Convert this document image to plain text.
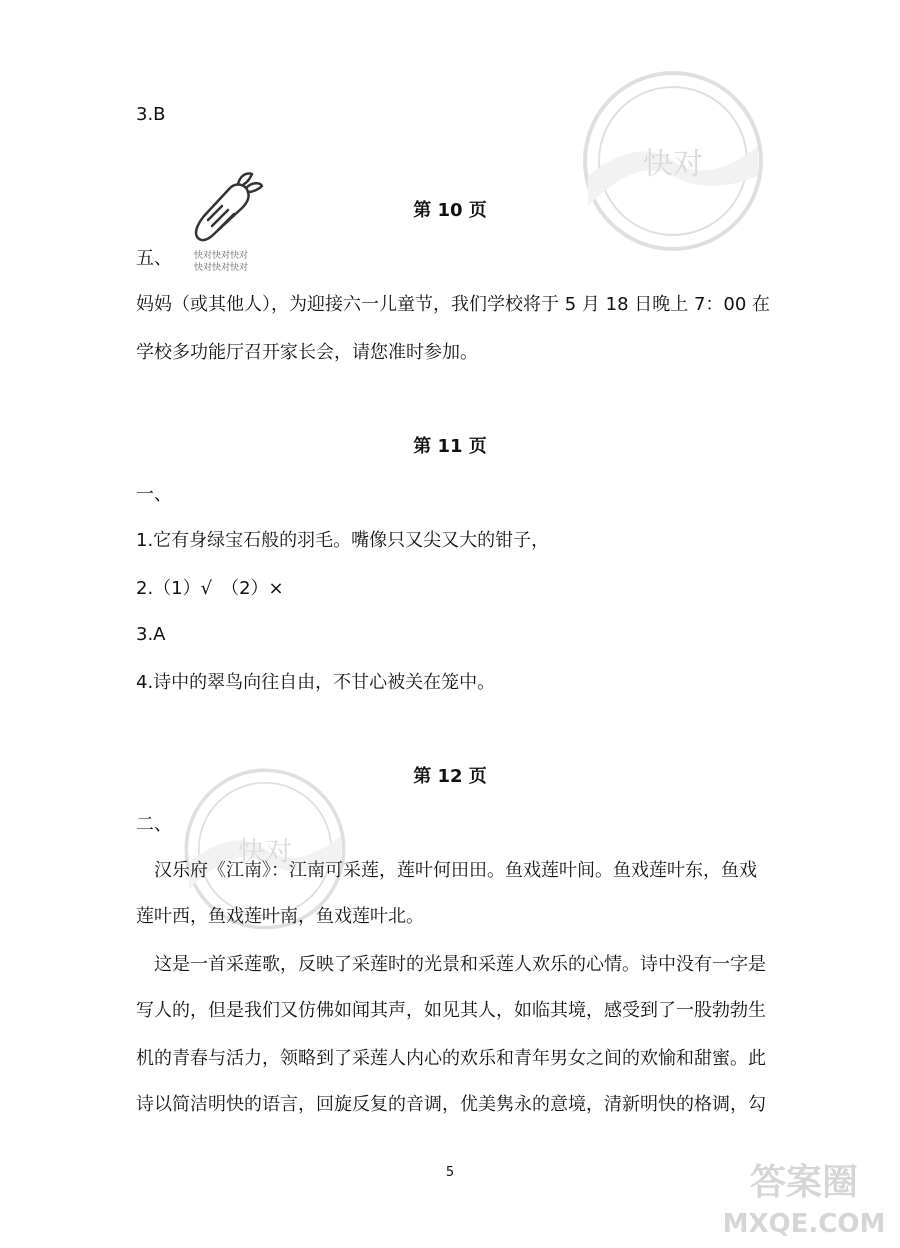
快对
快对
快对快对快对
快对快对快对
3.B
第 10 页
五、
妈妈（或其他人），为迎接六一儿童节，我们学校将于 5 月 18 日晚上 7：00 在
学校多功能厅召开家长会，请您准时参加。
第 11 页
一、
1.它有身绿宝石般的羽毛。嘴像只又尖又大的钳子，
2.（1）√　（2）×
3.A
4.诗中的翠鸟向往自由，不甘心被关在笼中。
第 12 页
二、
汉乐府《江南》：江南可采莲，莲叶何田田。鱼戏莲叶间。鱼戏莲叶东，鱼戏
莲叶西，鱼戏莲叶南，鱼戏莲叶北。
这是一首采莲歌，反映了采莲时的光景和采莲人欢乐的心情。诗中没有一字是
写人的，但是我们又仿佛如闻其声，如见其人，如临其境，感受到了一股勃勃生
机的青春与活力，领略到了采莲人内心的欢乐和青年男女之间的欢愉和甜蜜。此
诗以简洁明快的语言，回旋反复的音调，优美隽永的意境，清新明快的格调，勾
5	答案圈
MXQE.COM
